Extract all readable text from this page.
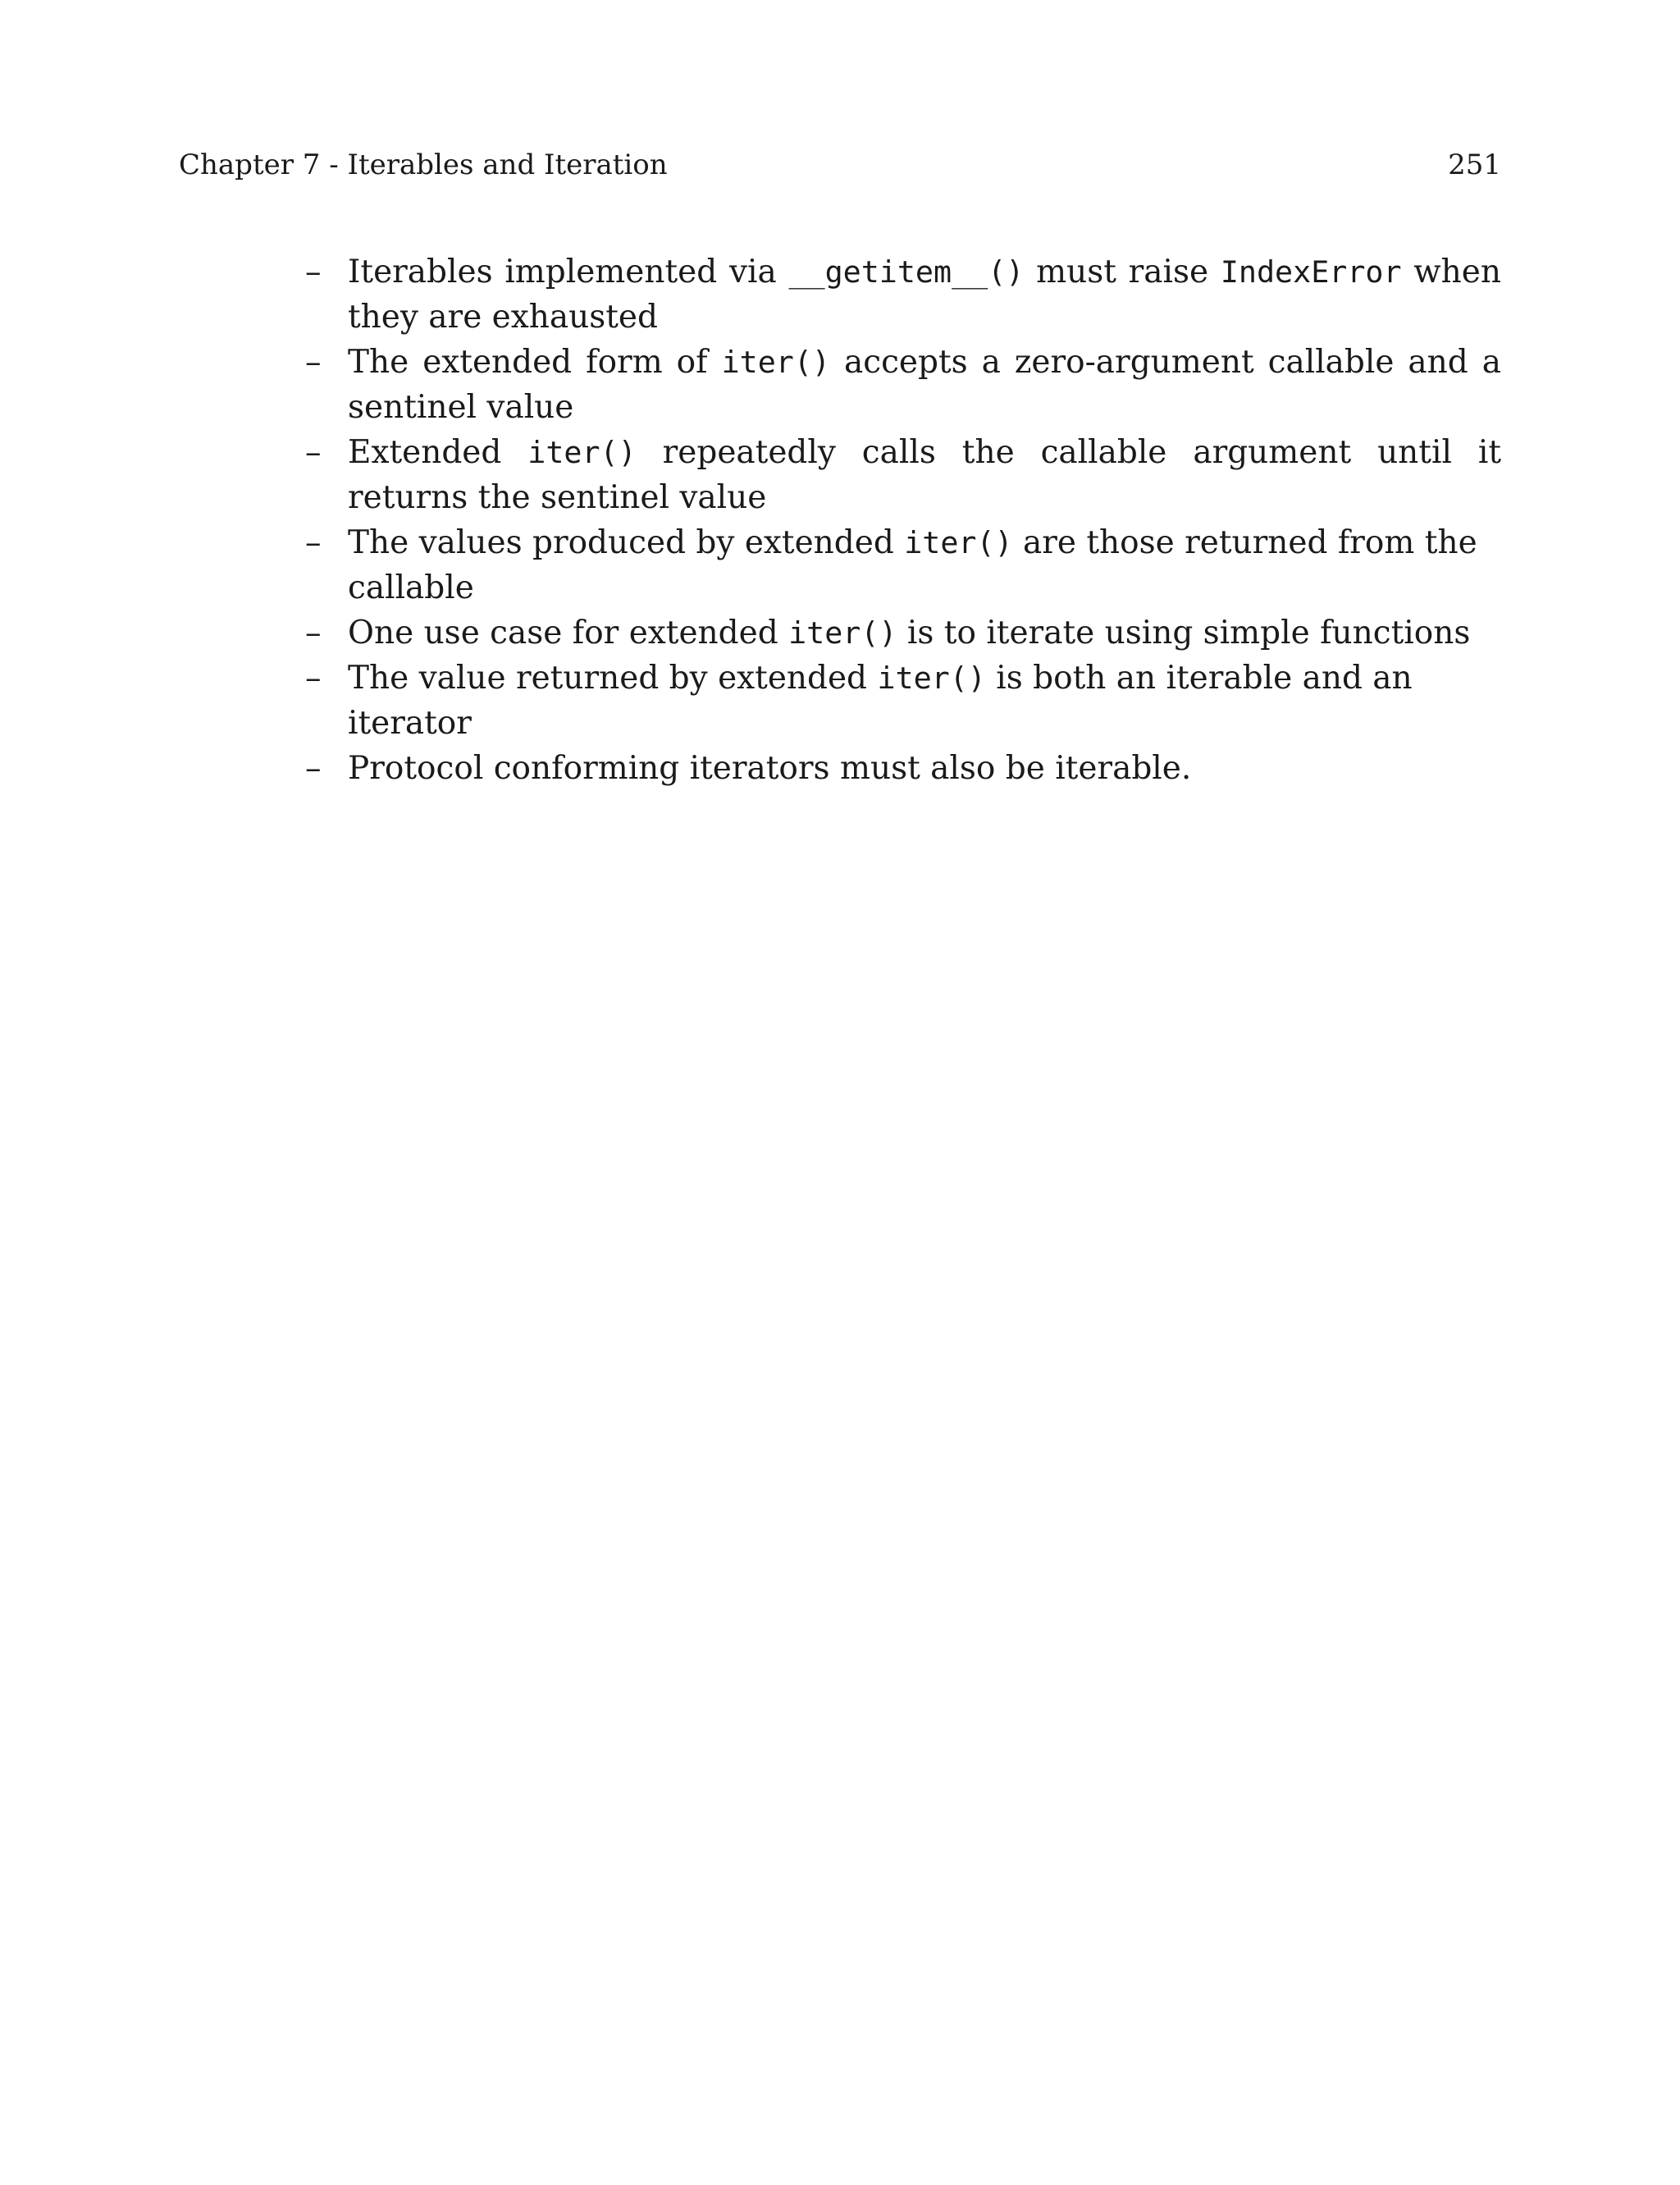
Chapter 7 - Iterables and Iteration	251
– Iterables implemented via __getitem__() must raise IndexError when they are exhausted
– The extended form of iter() accepts a zero-argument callable and a sentinel value
– Extended iter() repeatedly calls the callable argument until it returns the sentinel value
– The values produced by extended iter() are those returned from the callable
– One use case for extended iter() is to iterate using simple functions
– The value returned by extended iter() is both an iterable and an iterator
– Protocol conforming iterators must also be iterable.
